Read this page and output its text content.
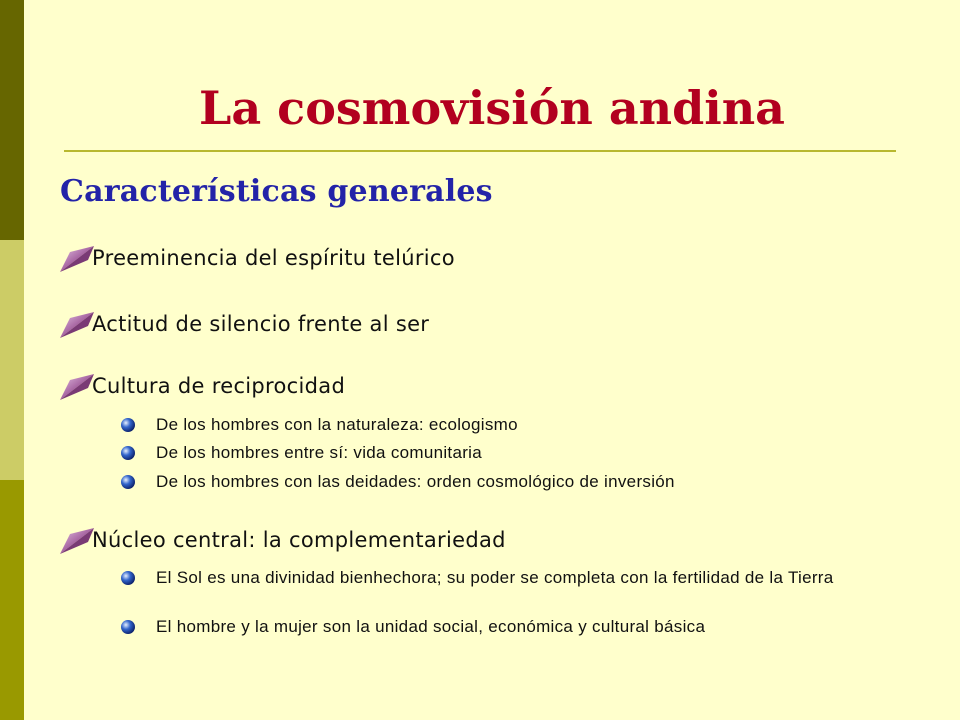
La cosmovisión andina
Características generales
Preeminencia del espíritu telúrico
Actitud de silencio frente al ser
Cultura de reciprocidad
De los hombres con la naturaleza: ecologismo
De los hombres entre sí: vida comunitaria
De los hombres con las deidades: orden cosmológico de inversión
Núcleo central: la complementariedad
El Sol es una divinidad bienhechora; su poder se completa con la fertilidad de la Tierra
El hombre y la mujer son la unidad social, económica y cultural básica
